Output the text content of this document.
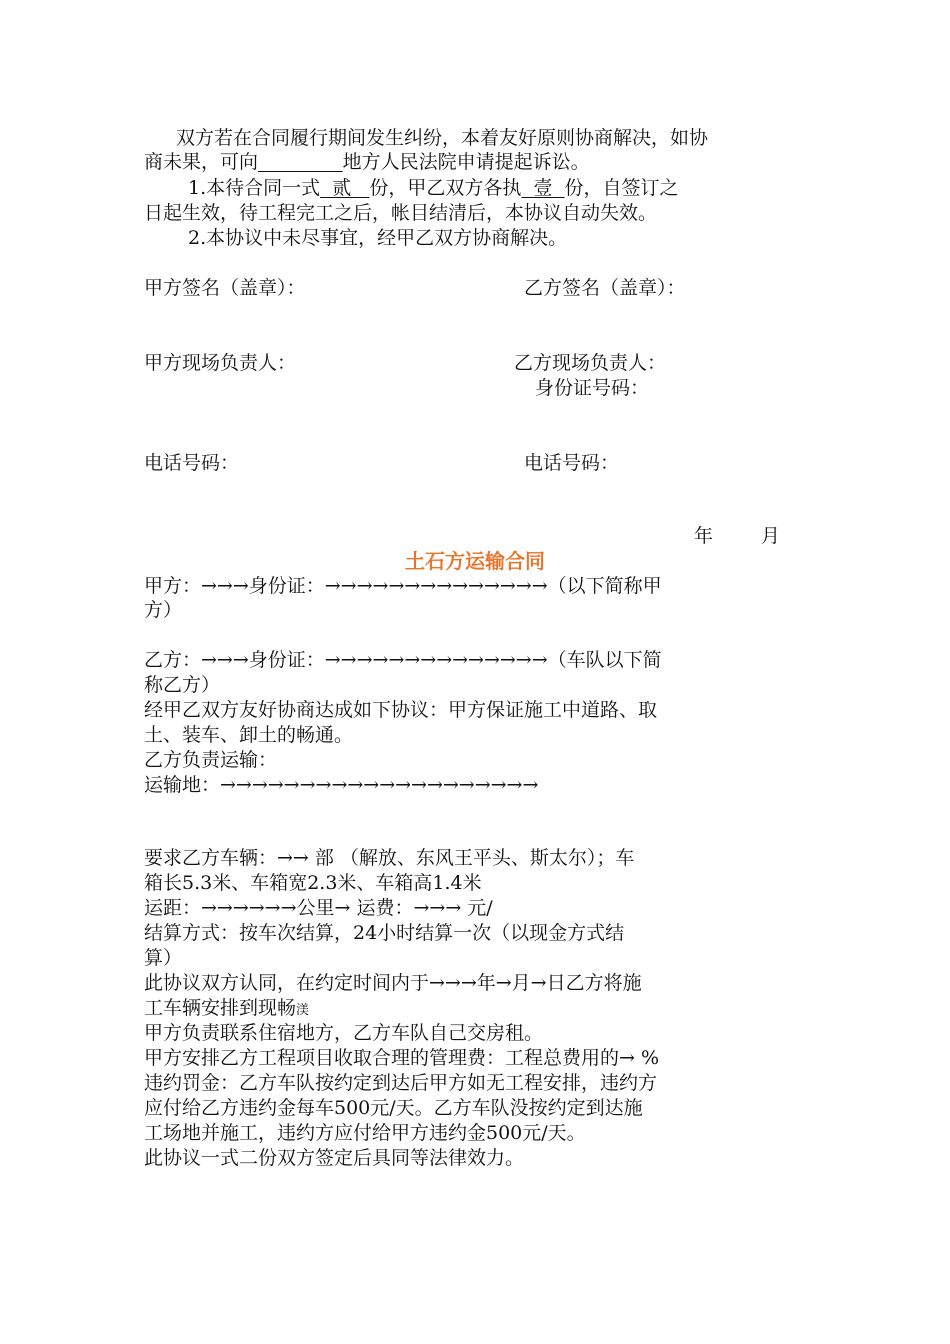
双方若在合同履行期间发生纠纷，本着友好原则协商解决，如协
商未果，可向	地方人民法院申请提起诉讼。
1.本待合同一式  贰   份，甲乙双方各执  壹  份，自签订之
日起生效，待工程完工之后，帐目结清后，本协议自动失效。
2.本协议中未尽事宜，经甲乙双方协商解决。
甲方签名（盖章）：	乙方签名（盖章）：
甲方现场负责人：	乙方现场负责人：
身份证号码：
电话号码：	电话号码：
年	月
土石方运输合同
甲方：→→→身份证：→→→→→→→→→→→→→→（以下简称甲
方）
乙方：→→→身份证：→→→→→→→→→→→→→→（车队以下简
称乙方）
经甲乙双方友好协商达成如下协议：甲方保证施工中道路、取
土、装车、卸土的畅通。
乙方负责运输：
运输地：→→→→→→→→→→→→→→→→→→→→
要求乙方车辆：→→ 部 （解放、东风王平头、斯太尔）；车
箱长5.3米、车箱宽2.3米、车箱高1.4米
运距：→→→→→→公里→ 运费：→→→ 元/
结算方式：按车次结算，24小时结算一次（以现金方式结
算）
此协议双方认同，在约定时间内于→→→年→月→日乙方将施
工车辆安排到现畅渼
甲方负责联系住宿地方，乙方车队自己交房租。
甲方安排乙方工程项目收取合理的管理费：工程总费用的→ %
违约罚金：乙方车队按约定到达后甲方如无工程安排，违约方
应付给乙方违约金每车500元/天。乙方车队没按约定到达施
工场地并施工，违约方应付给甲方违约金500元/天。
此协议一式二份双方签定后具同等法律效力。
